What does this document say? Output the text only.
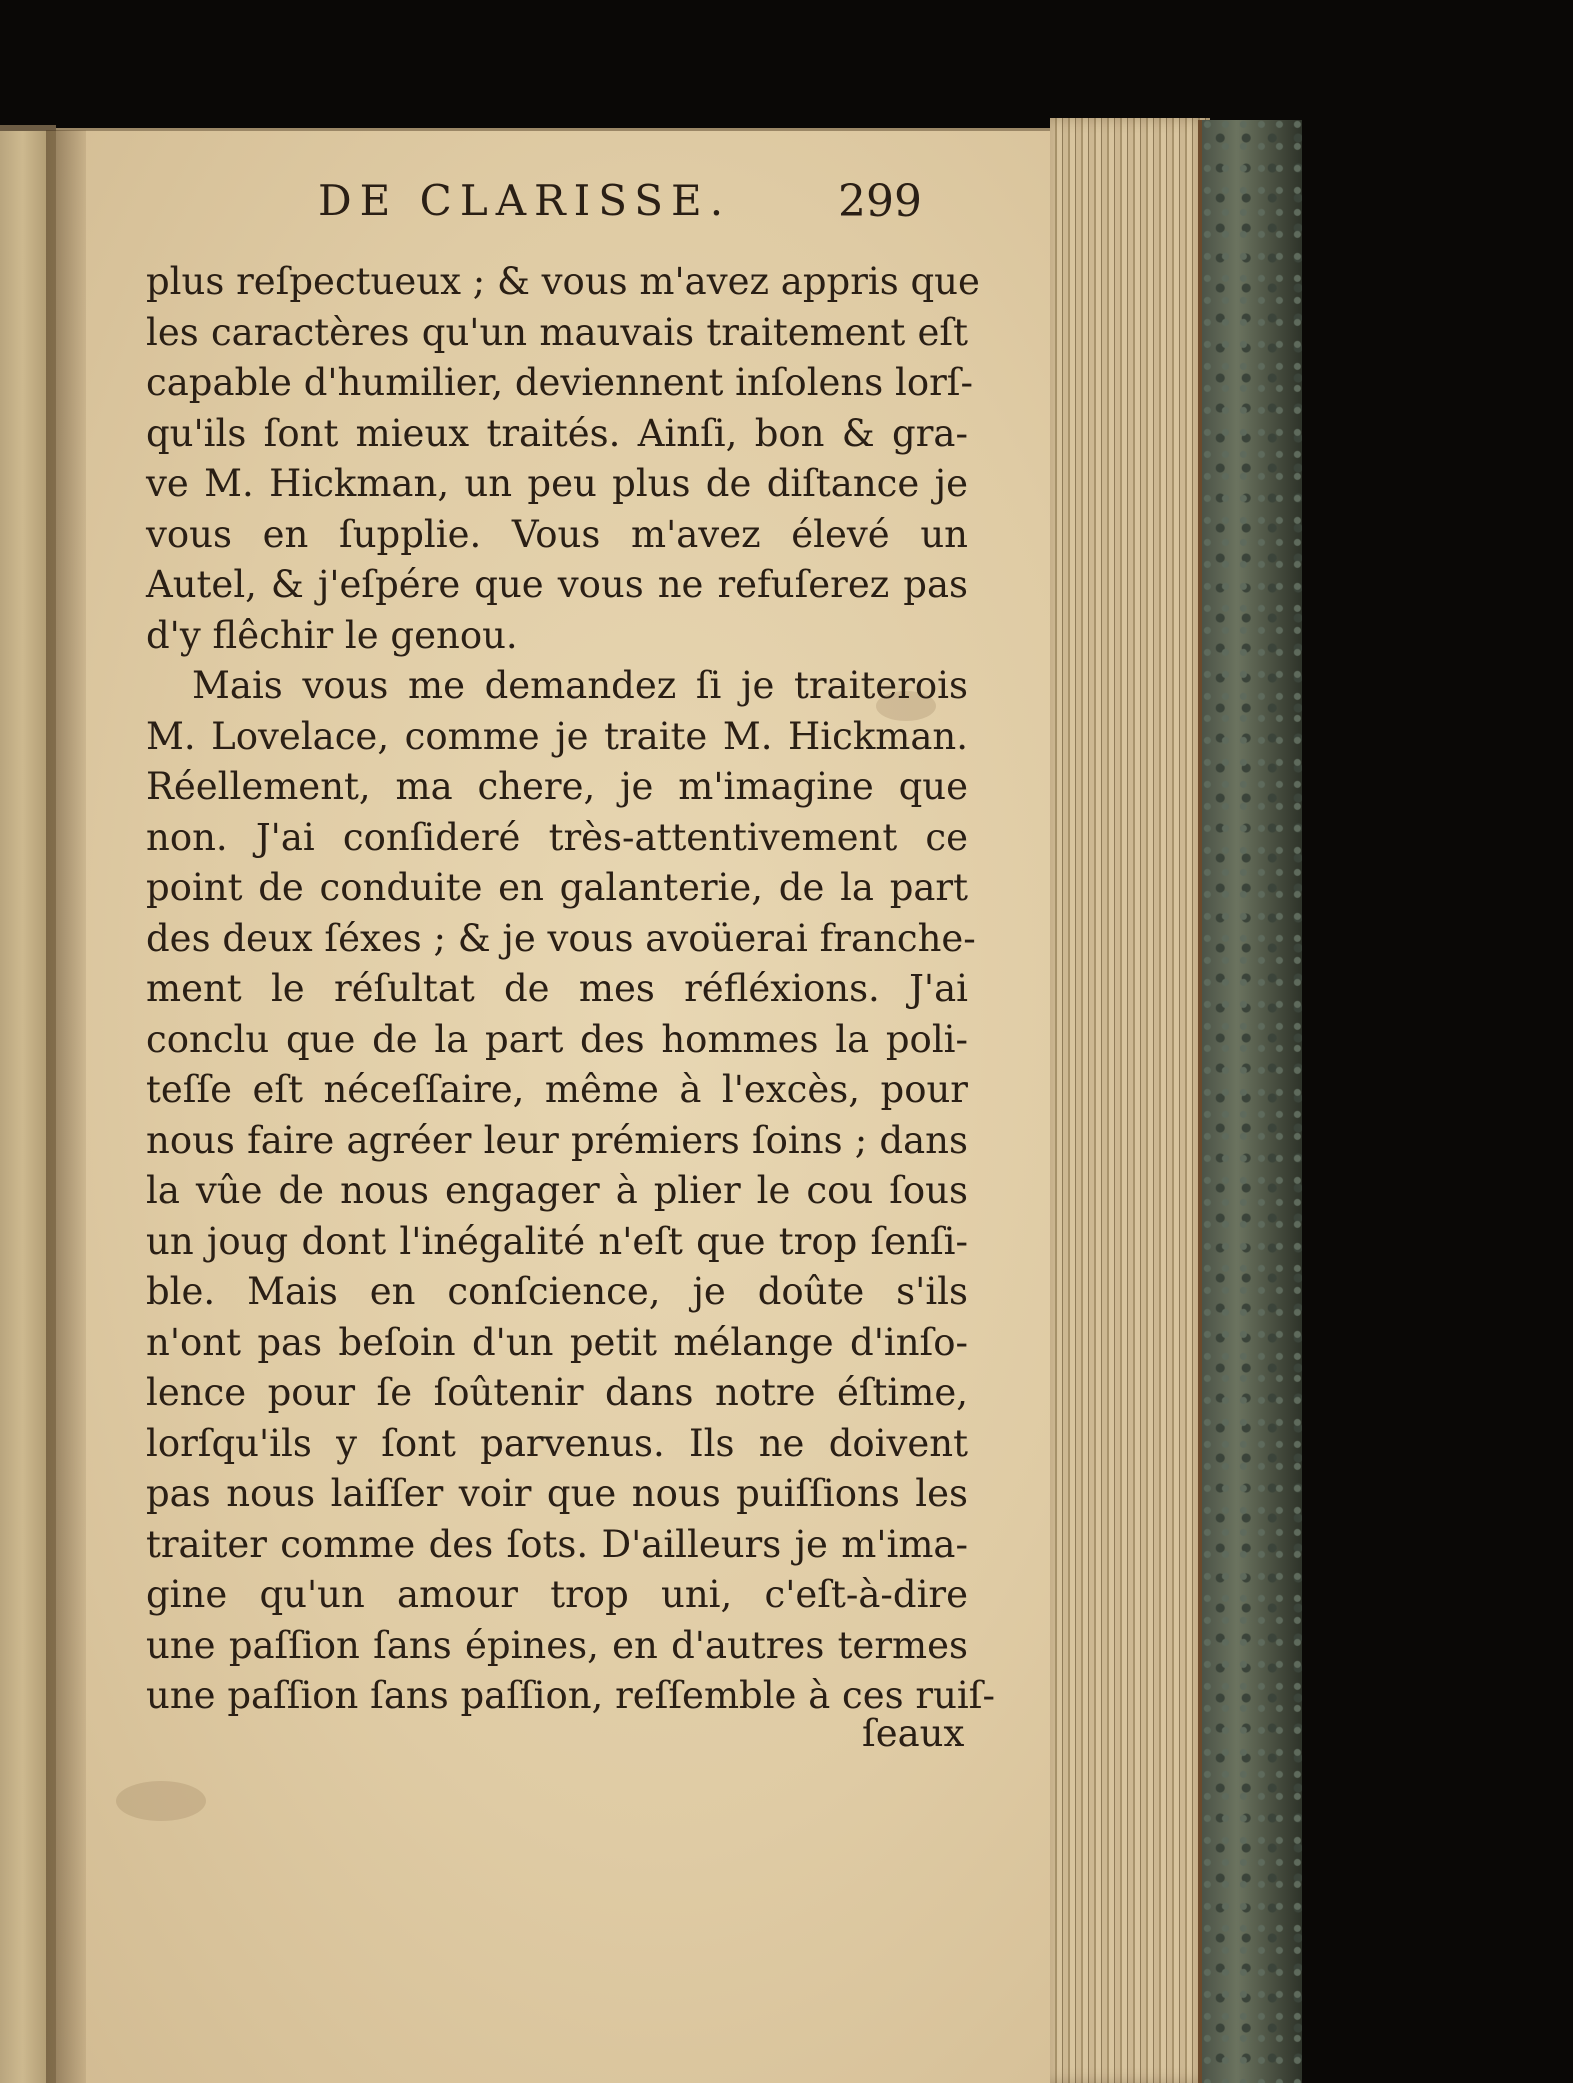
DE CLARISSE. 299
plus reſpectueux ; & vous m'avez appris que
les caractères qu'un mauvais traitement eſt
capable d'humilier, deviennent inſolens lorſ-
qu'ils ſont mieux traités. Ainſi, bon & gra-
ve M. Hickman, un peu plus de diſtance je
vous en ſupplie. Vous m'avez élevé un
Autel, & j'eſpére que vous ne refuſerez pas
d'y flêchir le genou.
Mais vous me demandez ſi je traiterois
M. Lovelace, comme je traite M. Hickman.
Réellement, ma chere, je m'imagine que
non. J'ai conſideré très-attentivement ce
point de conduite en galanterie, de la part
des deux ſéxes ; & je vous avoüerai franche-
ment le réſultat de mes réfléxions. J'ai
conclu que de la part des hommes la poli-
teſſe eſt néceſſaire, même à l'excès, pour
nous faire agréer leur prémiers ſoins ; dans
la vûe de nous engager à plier le cou ſous
un joug dont l'inégalité n'eſt que trop ſenſi-
ble. Mais en conſcience, je doûte s'ils
n'ont pas beſoin d'un petit mélange d'inſo-
lence pour ſe ſoûtenir dans notre éſtime,
lorſqu'ils y ſont parvenus. Ils ne doivent
pas nous laiſſer voir que nous puiſſions les
traiter comme des ſots. D'ailleurs je m'ima-
gine qu'un amour trop uni, c'eſt-à-dire
une paſſion ſans épines, en d'autres termes
une paſſion ſans paſſion, reſſemble à ces ruiſ-
ſeaux
